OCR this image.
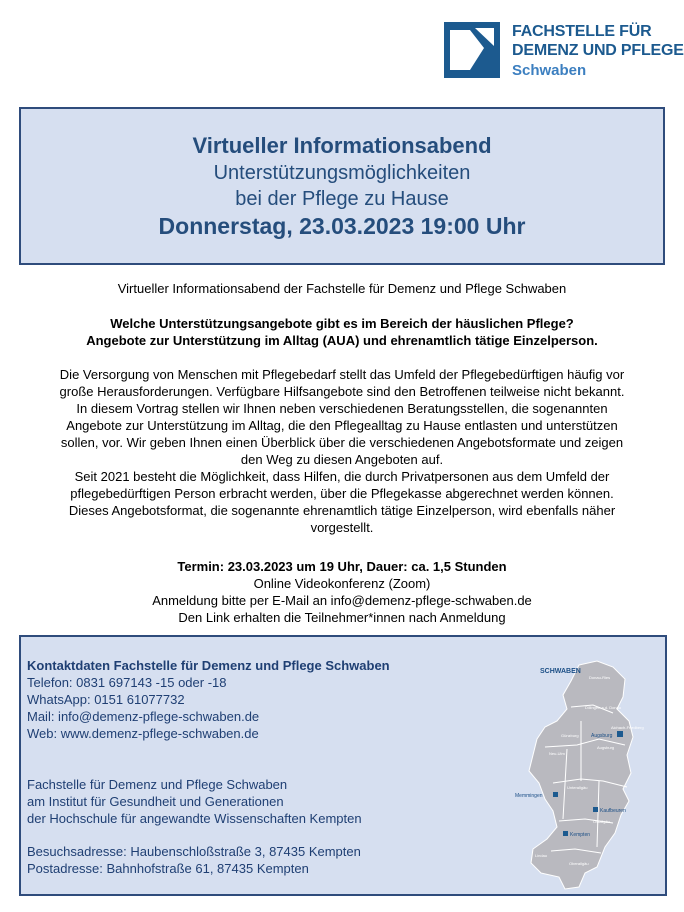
FACHSTELLE FÜR
DEMENZ UND PFLEGE
Schwaben
Virtueller Informationsabend
Unterstützungsmöglichkeiten
bei der Pflege zu Hause
Donnerstag, 23.03.2023 19:00 Uhr
Virtueller Informationsabend der Fachstelle für Demenz und Pflege Schwaben
Welche Unterstützungsangebote gibt es im Bereich der häuslichen Pflege?
Angebote zur Unterstützung im Alltag (AUA) und ehrenamtlich tätige Einzelperson.
Die Versorgung von Menschen mit Pflegebedarf stellt das Umfeld der Pflegebedürftigen häufig vor
große Herausforderungen. Verfügbare Hilfsangebote sind den Betroffenen teilweise nicht bekannt.
In diesem Vortrag stellen wir Ihnen neben verschiedenen Beratungsstellen, die sogenannten
Angebote zur Unterstützung im Alltag, die den Pflegealltag zu Hause entlasten und unterstützen
sollen, vor. Wir geben Ihnen einen Überblick über die verschiedenen Angebotsformate und zeigen
den Weg zu diesen Angeboten auf.
Seit 2021 besteht die Möglichkeit, dass Hilfen, die durch Privatpersonen aus dem Umfeld der
pflegebedürftigen Person erbracht werden, über die Pflegekasse abgerechnet werden können.
Dieses Angebotsformat, die sogenannte ehrenamtlich tätige Einzelperson, wird ebenfalls näher
vorgestellt.
Termin: 23.03.2023 um 19 Uhr, Dauer: ca. 1,5 Stunden
Online Videokonferenz (Zoom)
Anmeldung bitte per E-Mail an info@demenz-pflege-schwaben.de
Den Link erhalten die Teilnehmer*innen nach Anmeldung
Kontaktdaten Fachstelle für Demenz und Pflege Schwaben
Telefon: 0831 697143 -15 oder -18
WhatsApp: 0151 61077732
Mail: info@demenz-pflege-schwaben.de
Web: www.demenz-pflege-schwaben.de
Fachstelle für Demenz und Pflege Schwaben
am Institut für Gesundheit und Generationen
der Hochschule für angewandte Wissenschaften Kempten
Besuchsadresse: Haubenschloßstraße 3, 87435 Kempten
Postadresse: Bahnhofstraße 61, 87435 Kempten
SCHWABEN
Donau-Ries
Dillingen a.d. Donau
Aichach-Friedberg
Günzburg
Augsburg
Neu-Ulm
Unterallgäu
Ostallgäu
Lindau
Oberallgäu
Augsburg
Memmingen
Kaufbeuren
Kempten
